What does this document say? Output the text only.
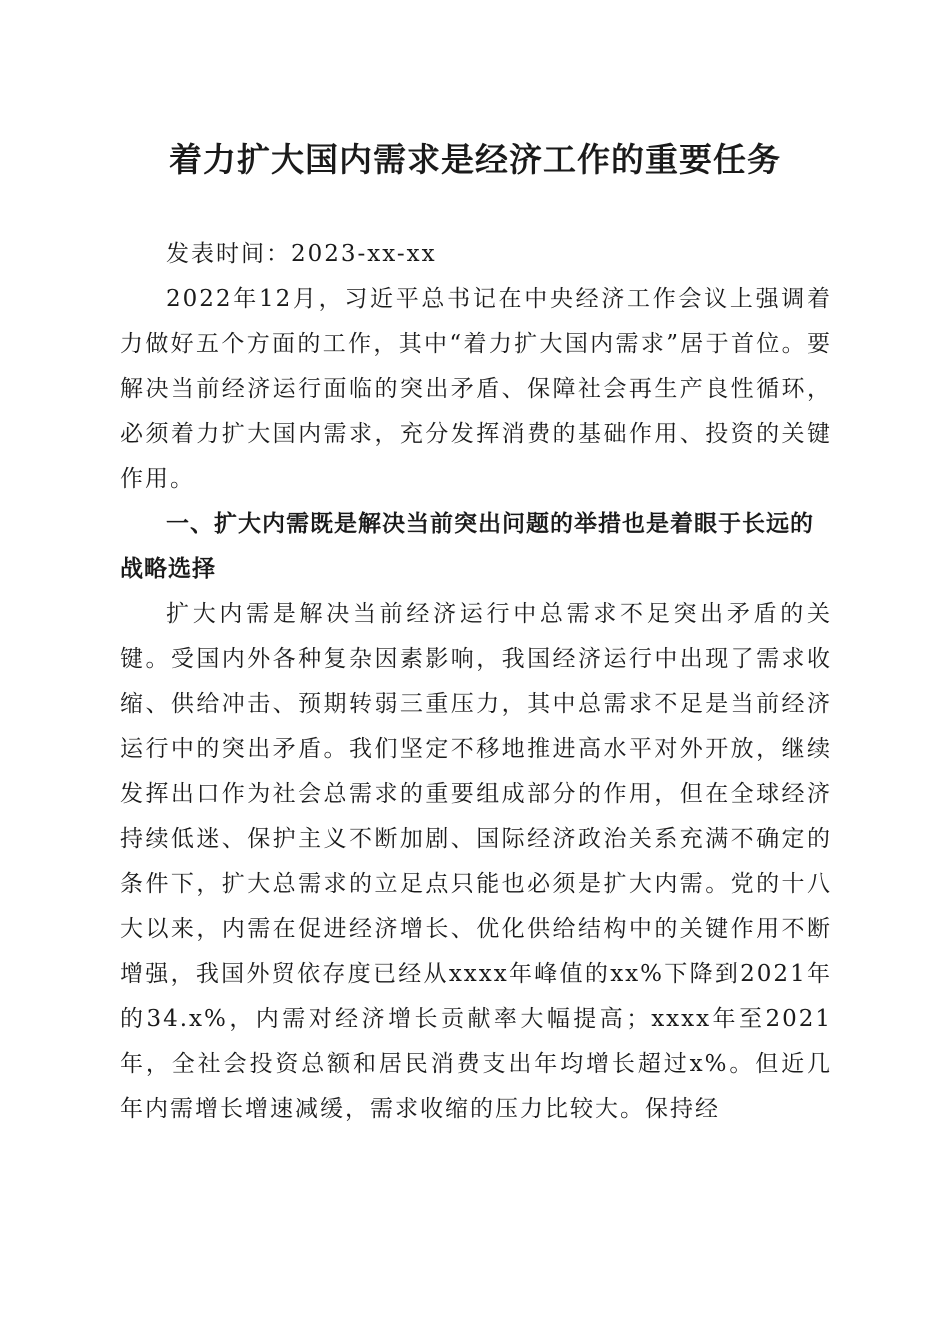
着力扩大国内需求是经济工作的重要任务

发表时间：2023-xx-xx

2022年12月，习近平总书记在中央经济工作会议上强调着力做好五个方面的工作，其中“着力扩大国内需求”居于首位。要解决当前经济运行面临的突出矛盾、保障社会再生产良性循环，必须着力扩大国内需求，充分发挥消费的基础作用、投资的关键作用。

一、扩大内需既是解决当前突出问题的举措也是着眼于长远的战略选择

扩大内需是解决当前经济运行中总需求不足突出矛盾的关键。受国内外各种复杂因素影响，我国经济运行中出现了需求收缩、供给冲击、预期转弱三重压力，其中总需求不足是当前经济运行中的突出矛盾。我们坚定不移地推进高水平对外开放，继续发挥出口作为社会总需求的重要组成部分的作用，但在全球经济持续低迷、保护主义不断加剧、国际经济政治关系充满不确定的条件下，扩大总需求的立足点只能也必须是扩大内需。党的十八大以来，内需在促进经济增长、优化供给结构中的关键作用不断增强，我国外贸依存度已经从xxxx年峰值的xx%下降到2021年的34.x%，内需对经济增长贡献率大幅提高；xxxx年至2021年，全社会投资总额和居民消费支出年均增长超过x%。但近几年内需增长增速减缓，需求收缩的压力比较大。保持经
